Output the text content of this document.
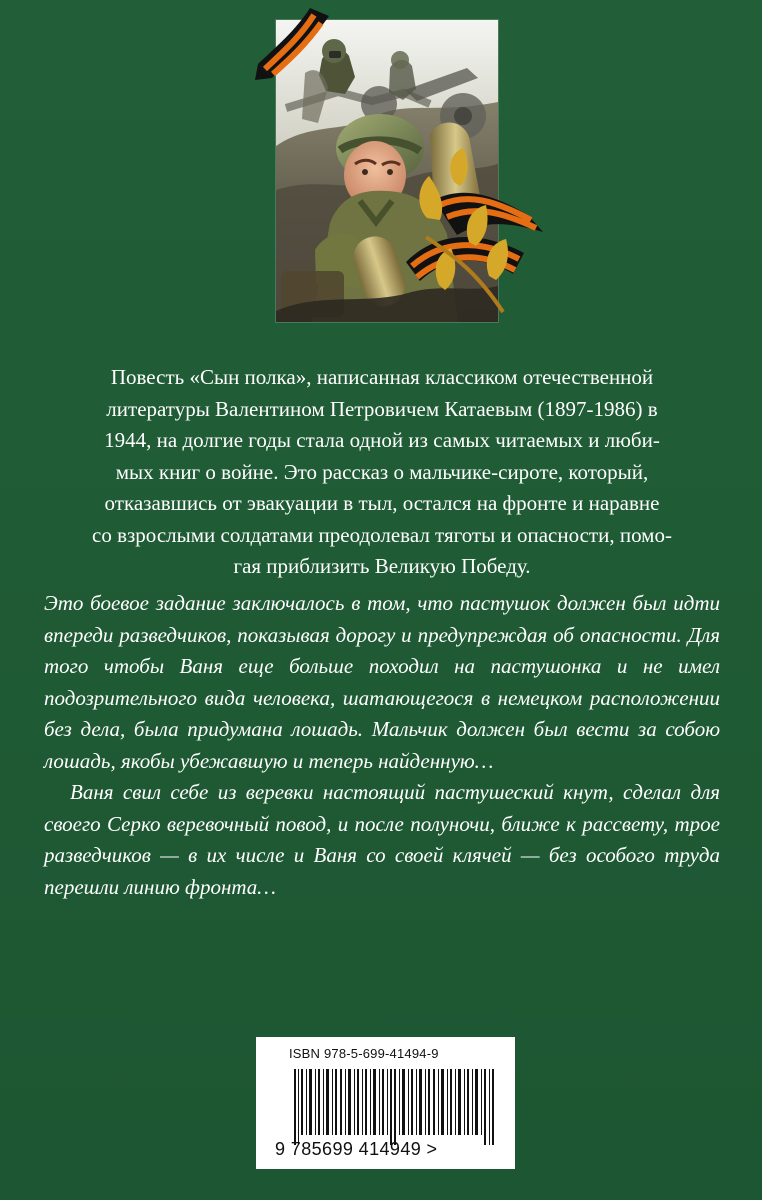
Повесть «Сын полка», написанная классиком отечественной
литературы Валентином Петровичем Катаевым (1897-1986) в
1944, на долгие годы стала одной из самых читаемых и люби-
мых книг о войне. Это рассказ о мальчике-сироте, который,
отказавшись от эвакуации в тыл, остался на фронте и наравне
со взрослыми солдатами преодолевал тяготы и опасности, помо-
гая приблизить Великую Победу.

Это боевое задание заключалось в том, что пастушок должен был идти впереди разведчиков, показывая дорогу и предупреждая об опасности. Для того чтобы Ваня еще больше походил на пастушонка и не имел подозрительного вида человека, шатающегося в немецком расположении без дела, была придумана лошадь. Мальчик должен был вести за собою лошадь, якобы убежавшую и теперь найденную…

Ваня свил себе из веревки настоящий пастушеский кнут, сделал для своего Серко веревочный повод, и после полуночи, ближе к рассвету, трое разведчиков — в их числе и Ваня со своей клячей — без особого труда перешли линию фронта…

ISBN 978-5-699-41494-9
9 785699 414949 >
